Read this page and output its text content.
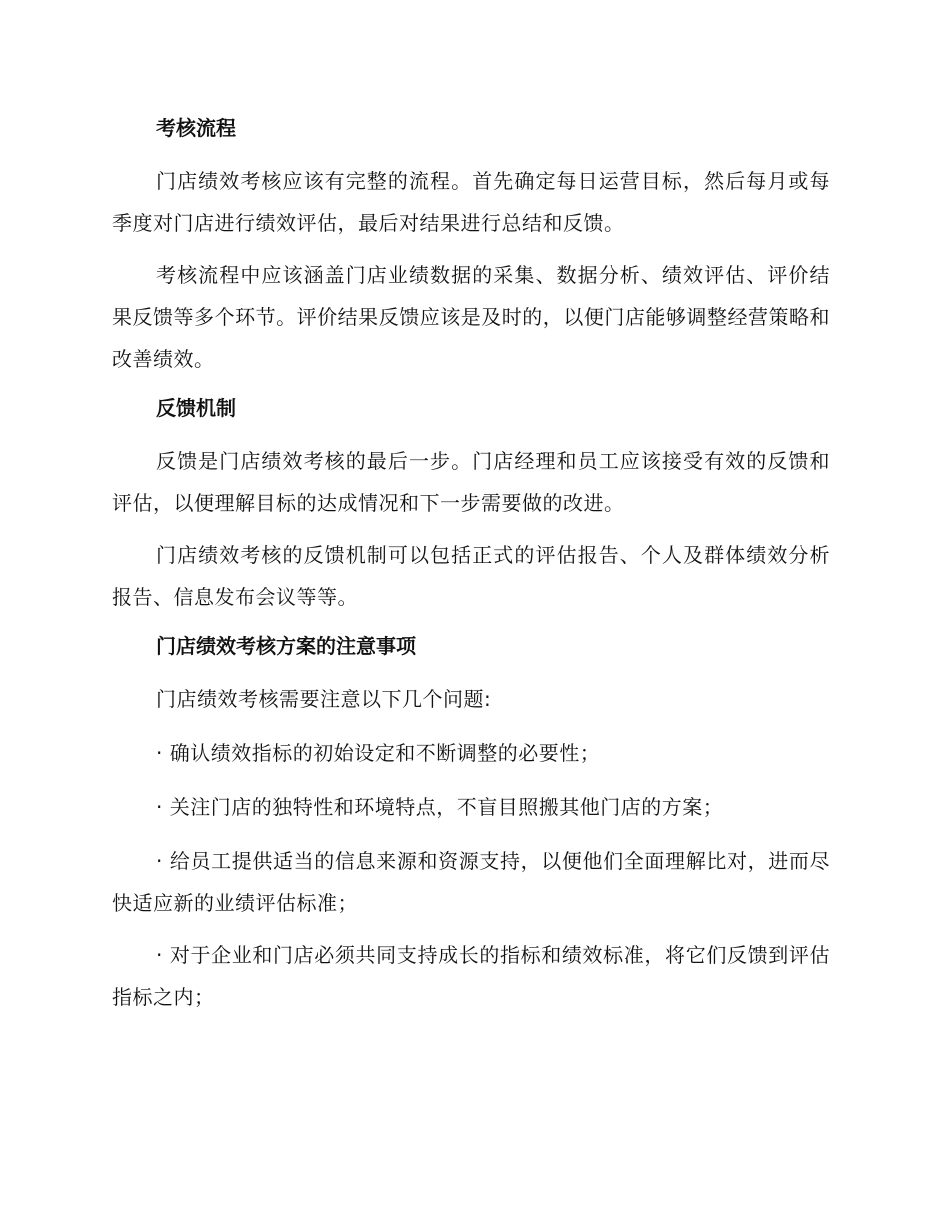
考核流程

门店绩效考核应该有完整的流程。首先确定每日运营目标，然后每月或每季度对门店进行绩效评估，最后对结果进行总结和反馈。

考核流程中应该涵盖门店业绩数据的采集、数据分析、绩效评估、评价结果反馈等多个环节。评价结果反馈应该是及时的，以便门店能够调整经营策略和改善绩效。

反馈机制

反馈是门店绩效考核的最后一步。门店经理和员工应该接受有效的反馈和评估，以便理解目标的达成情况和下一步需要做的改进。

门店绩效考核的反馈机制可以包括正式的评估报告、个人及群体绩效分析报告、信息发布会议等等。

门店绩效考核方案的注意事项

门店绩效考核需要注意以下几个问题:

· 确认绩效指标的初始设定和不断调整的必要性；

· 关注门店的独特性和环境特点，不盲目照搬其他门店的方案；

· 给员工提供适当的信息来源和资源支持，以便他们全面理解比对，进而尽快适应新的业绩评估标准；

· 对于企业和门店必须共同支持成长的指标和绩效标准，将它们反馈到评估指标之内；
